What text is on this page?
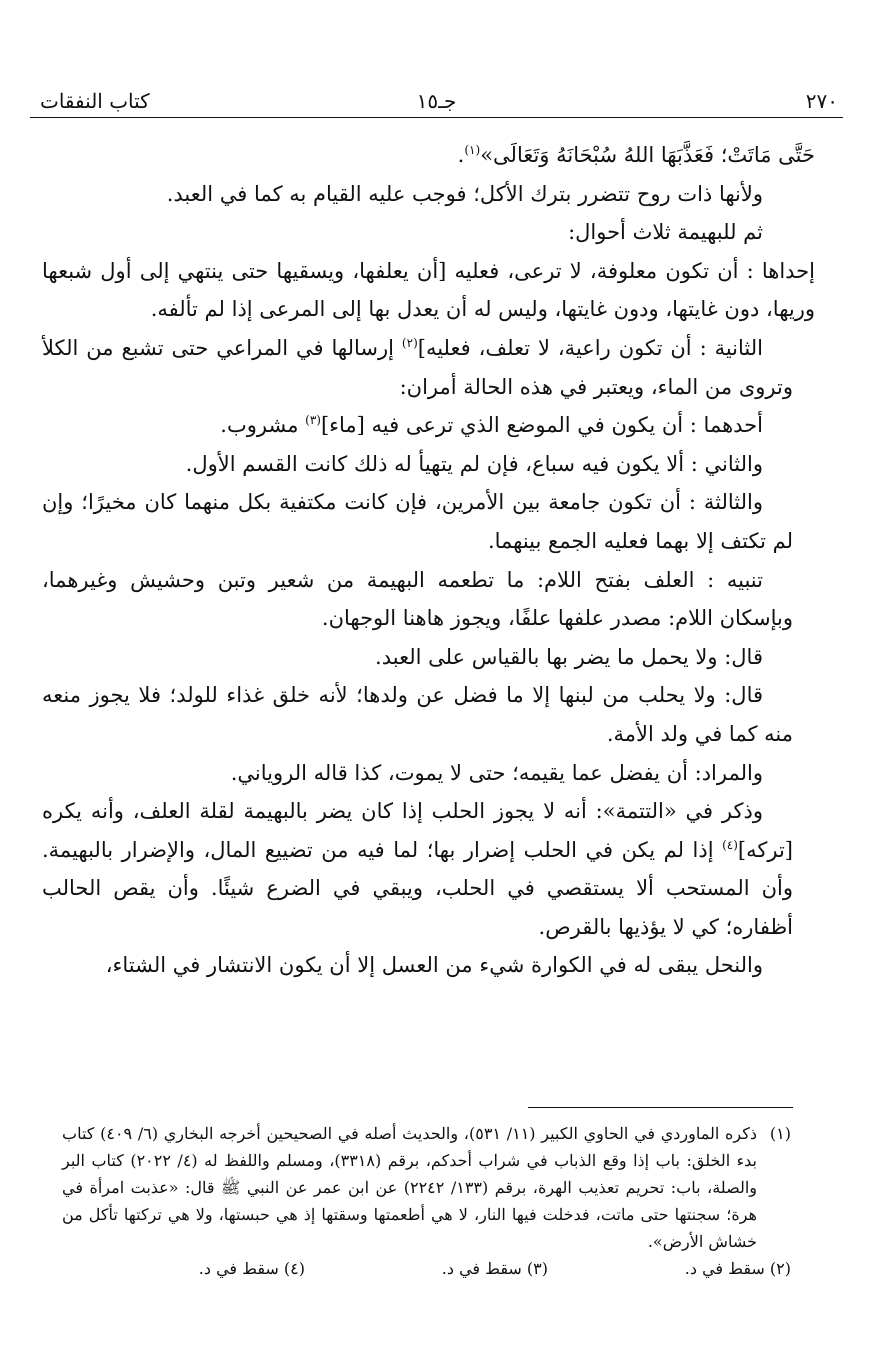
٢٧٠
جـ١٥
كتاب النفقات

حَتَّى مَاتَتْ؛ فَعَذَّبَهَا اللهُ سُبْحَانَهُ وَتَعَالَى»$^{(١)}$.

ولأنها ذات روح تتضرر بترك الأكل؛ فوجب عليه القيام به كما في العبد.

ثم للبهيمة ثلاث أحوال:

إحداها : أن تكون معلوفة، لا ترعى، فعليه [أن يعلفها، ويسقيها حتى ينتهي إلى أول شبعها وريها، دون غايتها، ودون غايتها، وليس له أن يعدل بها إلى المرعى إذا لم تألفه.

الثانية : أن تكون راعية، لا تعلف، فعليه]$^{(٢)}$ إرسالها في المراعي حتى تشبع من الكلأ وتروى من الماء، ويعتبر في هذه الحالة أمران:

أحدهما : أن يكون في الموضع الذي ترعى فيه [ماء]$^{(٣)}$ مشروب.

والثاني : ألا يكون فيه سباع، فإن لم يتهيأ له ذلك كانت القسم الأول.

والثالثة : أن تكون جامعة بين الأمرين، فإن كانت مكتفية بكل منهما كان مخيرًا؛ وإن لم تكتف إلا بهما فعليه الجمع بينهما.

تنبيه : العلف بفتح اللام: ما تطعمه البهيمة من شعير وتبن وحشيش وغيرهما، وبإسكان اللام: مصدر علفها علفًا، ويجوز هاهنا الوجهان.

قال: ولا يحمل ما يضر بها بالقياس على العبد.

قال: ولا يحلب من لبنها إلا ما فضل عن ولدها؛ لأنه خلق غذاء للولد؛ فلا يجوز منعه منه كما في ولد الأمة.

والمراد: أن يفضل عما يقيمه؛ حتى لا يموت، كذا قاله الروياني.

وذكر في «التتمة»: أنه لا يجوز الحلب إذا كان يضر بالبهيمة لقلة العلف، وأنه يكره [تركه]$^{(٤)}$ إذا لم يكن في الحلب إضرار بها؛ لما فيه من تضييع المال، والإضرار بالبهيمة. وأن المستحب ألا يستقصي في الحلب، ويبقي في الضرع شيئًا. وأن يقص الحالب أظفاره؛ كي لا يؤذيها بالقرص.

والنحل يبقى له في الكوارة شيء من العسل إلا أن يكون الانتشار في الشتاء،

(١)
ذكره الماوردي في الحاوي الكبير (١١/ ٥٣١)، والحديث أصله في الصحيحين أخرجه البخاري (٦/ ٤٠٩) كتاب بدء الخلق: باب إذا وقع الذباب في شراب أحدكم، برقم (٣٣١٨)، ومسلم واللفظ له (٤/ ٢٠٢٢) كتاب البر والصلة، باب: تحريم تعذيب الهرة، برقم (١٣٣/ ٢٢٤٢) عن ابن عمر عن النبي ﷺ قال: «عذبت امرأة في هرة؛ سجنتها حتى ماتت، فدخلت فيها النار، لا هي أطعمتها وسقتها إذ هي حبستها، ولا هي تركتها تأكل من خشاش الأرض».
(٢) سقط في د.
(٣) سقط في د.
(٤) سقط في د.
